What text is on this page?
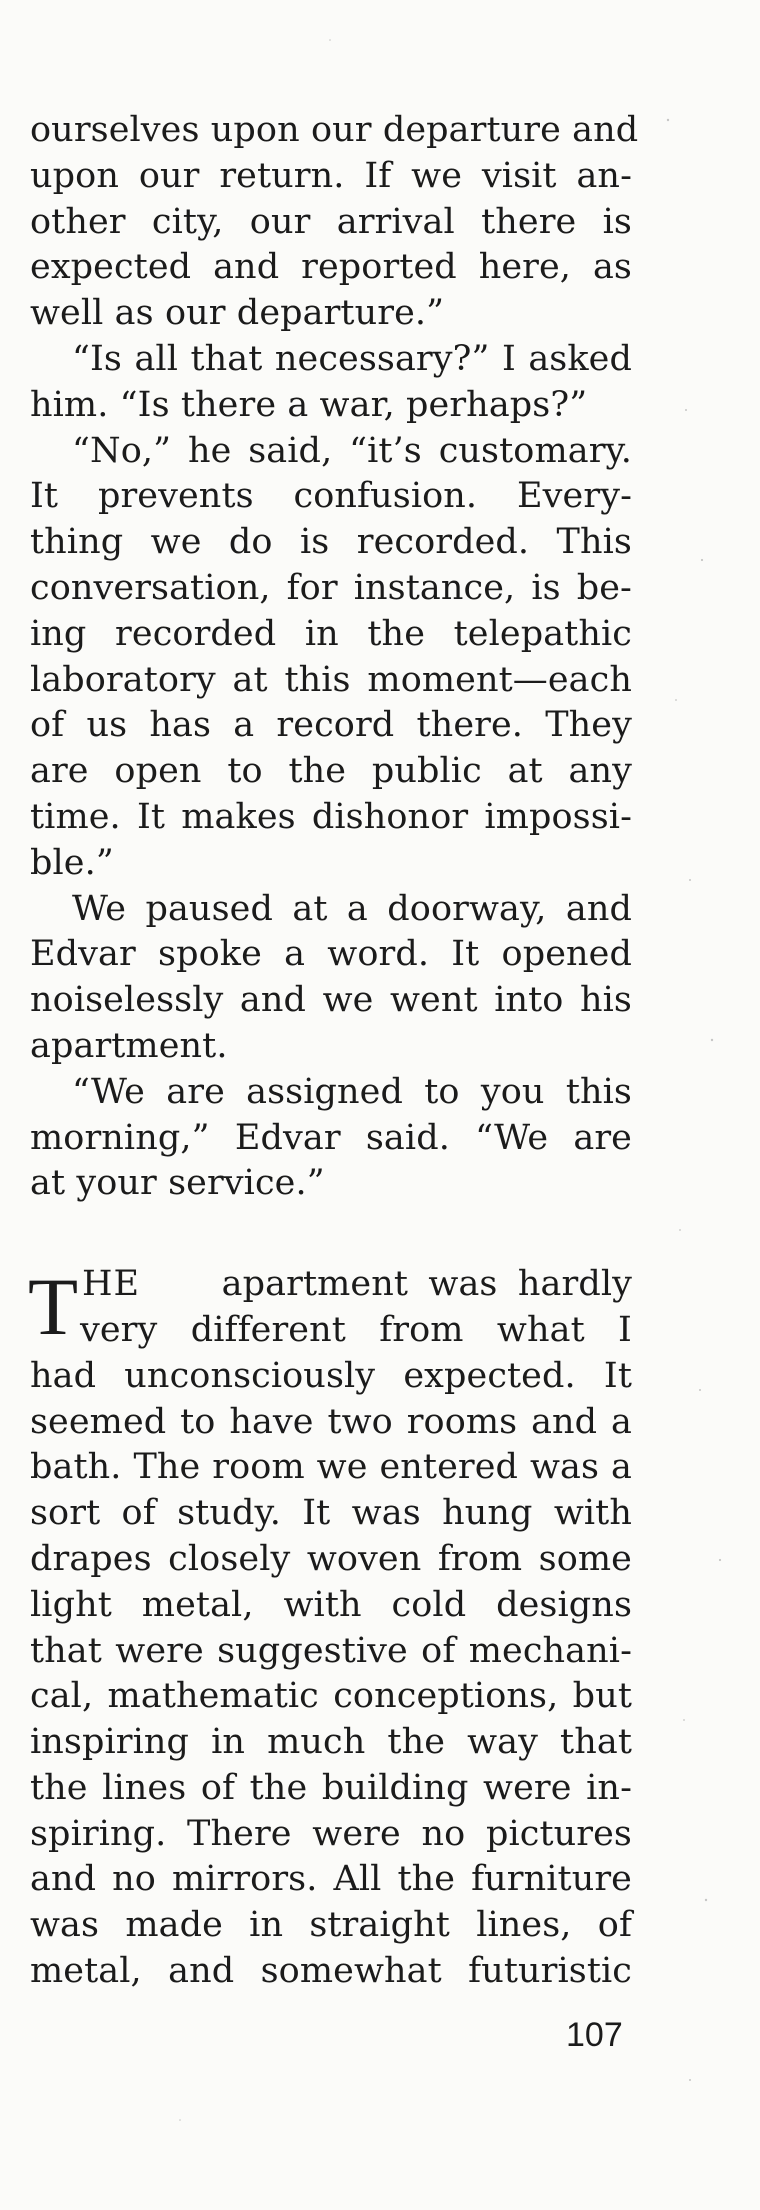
ourselves upon our departure and
upon our return. If we visit an-
other city, our arrival there is
expected and reported here, as
well as our departure.”
“Is all that necessary?” I asked
him. “Is there a war, perhaps?”
“No,” he said, “it’s customary.
It prevents confusion. Every-
thing we do is recorded. This
conversation, for instance, is be-
ing recorded in the telepathic
laboratory at this moment—each
of us has a record there. They
are open to the public at any
time. It makes dishonor impossi-
ble.”
We paused at a doorway, and
Edvar spoke a word. It opened
noiselessly and we went into his
apartment.
“We are assigned to you this
morning,” Edvar said. “We are
at your service.”
T HE apartment was hardly
very different from what I
had unconsciously expected. It
seemed to have two rooms and a
bath. The room we entered was a
sort of study. It was hung with
drapes closely woven from some
light metal, with cold designs
that were suggestive of mechani-
cal, mathematic conceptions, but
inspiring in much the way that
the lines of the building were in-
spiring. There were no pictures
and no mirrors. All the furniture
was made in straight lines, of
metal, and somewhat futuristic
107
